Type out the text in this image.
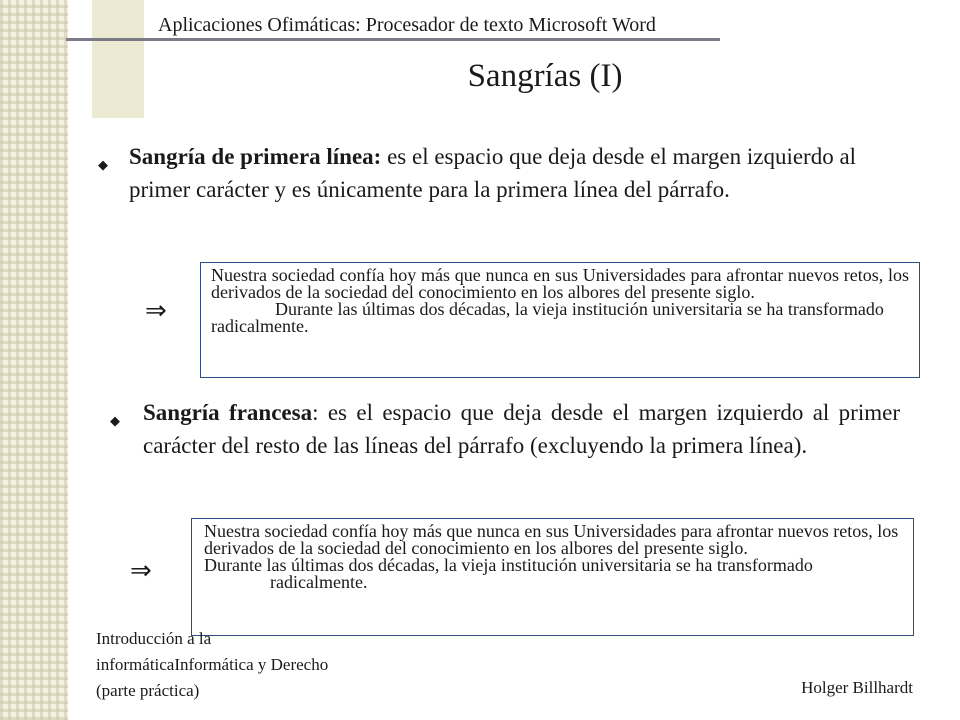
Aplicaciones Ofimáticas: Procesador de texto Microsoft Word
Sangrías (I)
◆ Sangría de primera línea: es el espacio que deja desde el margen izquierdo al primer carácter y es únicamente para la primera línea del párrafo.
⇒
Nuestra sociedad confía hoy más que nunca en sus Universidades para afrontar nuevos retos, los derivados de la sociedad del conocimiento en los albores del presente siglo.
Durante las últimas dos décadas, la vieja institución universitaria se ha transformado radicalmente.
◆ Sangría francesa: es el espacio que deja desde el margen izquierdo al primer carácter del resto de las líneas del párrafo (excluyendo la primera línea).
⇒
Nuestra sociedad confía hoy más que nunca en sus Universidades para afrontar nuevos retos, los derivados de la sociedad del conocimiento en los albores del presente siglo.
Durante las últimas dos décadas, la vieja institución universitaria se ha transformado radicalmente.
Introducción a la
informáticaInformática y Derecho
(parte práctica)	Holger Billhardt
